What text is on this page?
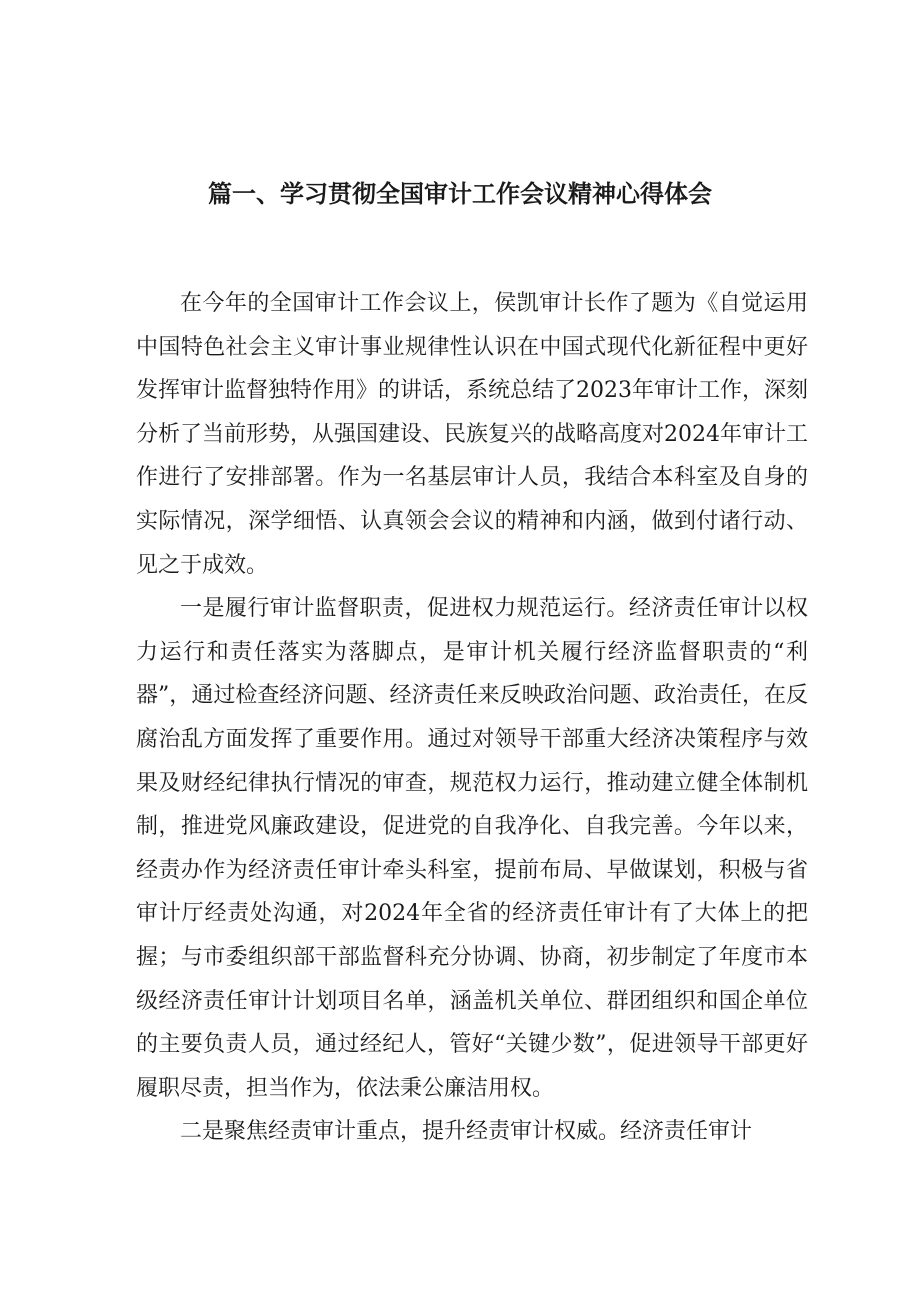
篇一、学习贯彻全国审计工作会议精神心得体会

在今年的全国审计工作会议上，侯凯审计长作了题为《自觉运用中国特色社会主义审计事业规律性认识在中国式现代化新征程中更好发挥审计监督独特作用》的讲话，系统总结了2023年审计工作，深刻分析了当前形势，从强国建设、民族复兴的战略高度对2024年审计工作进行了安排部署。作为一名基层审计人员，我结合本科室及自身的实际情况，深学细悟、认真领会会议的精神和内涵，做到付诸行动、见之于成效。

一是履行审计监督职责，促进权力规范运行。经济责任审计以权力运行和责任落实为落脚点，是审计机关履行经济监督职责的“利器”，通过检查经济问题、经济责任来反映政治问题、政治责任，在反腐治乱方面发挥了重要作用。通过对领导干部重大经济决策程序与效果及财经纪律执行情况的审查，规范权力运行，推动建立健全体制机制，推进党风廉政建设，促进党的自我净化、自我完善。今年以来，经责办作为经济责任审计牵头科室，提前布局、早做谋划，积极与省审计厅经责处沟通，对2024年全省的经济责任审计有了大体上的把握；与市委组织部干部监督科充分协调、协商，初步制定了年度市本级经济责任审计计划项目名单，涵盖机关单位、群团组织和国企单位的主要负责人员，通过经纪人，管好“关键少数”，促进领导干部更好履职尽责，担当作为，依法秉公廉洁用权。

二是聚焦经责审计重点，提升经责审计权威。经济责任审计
